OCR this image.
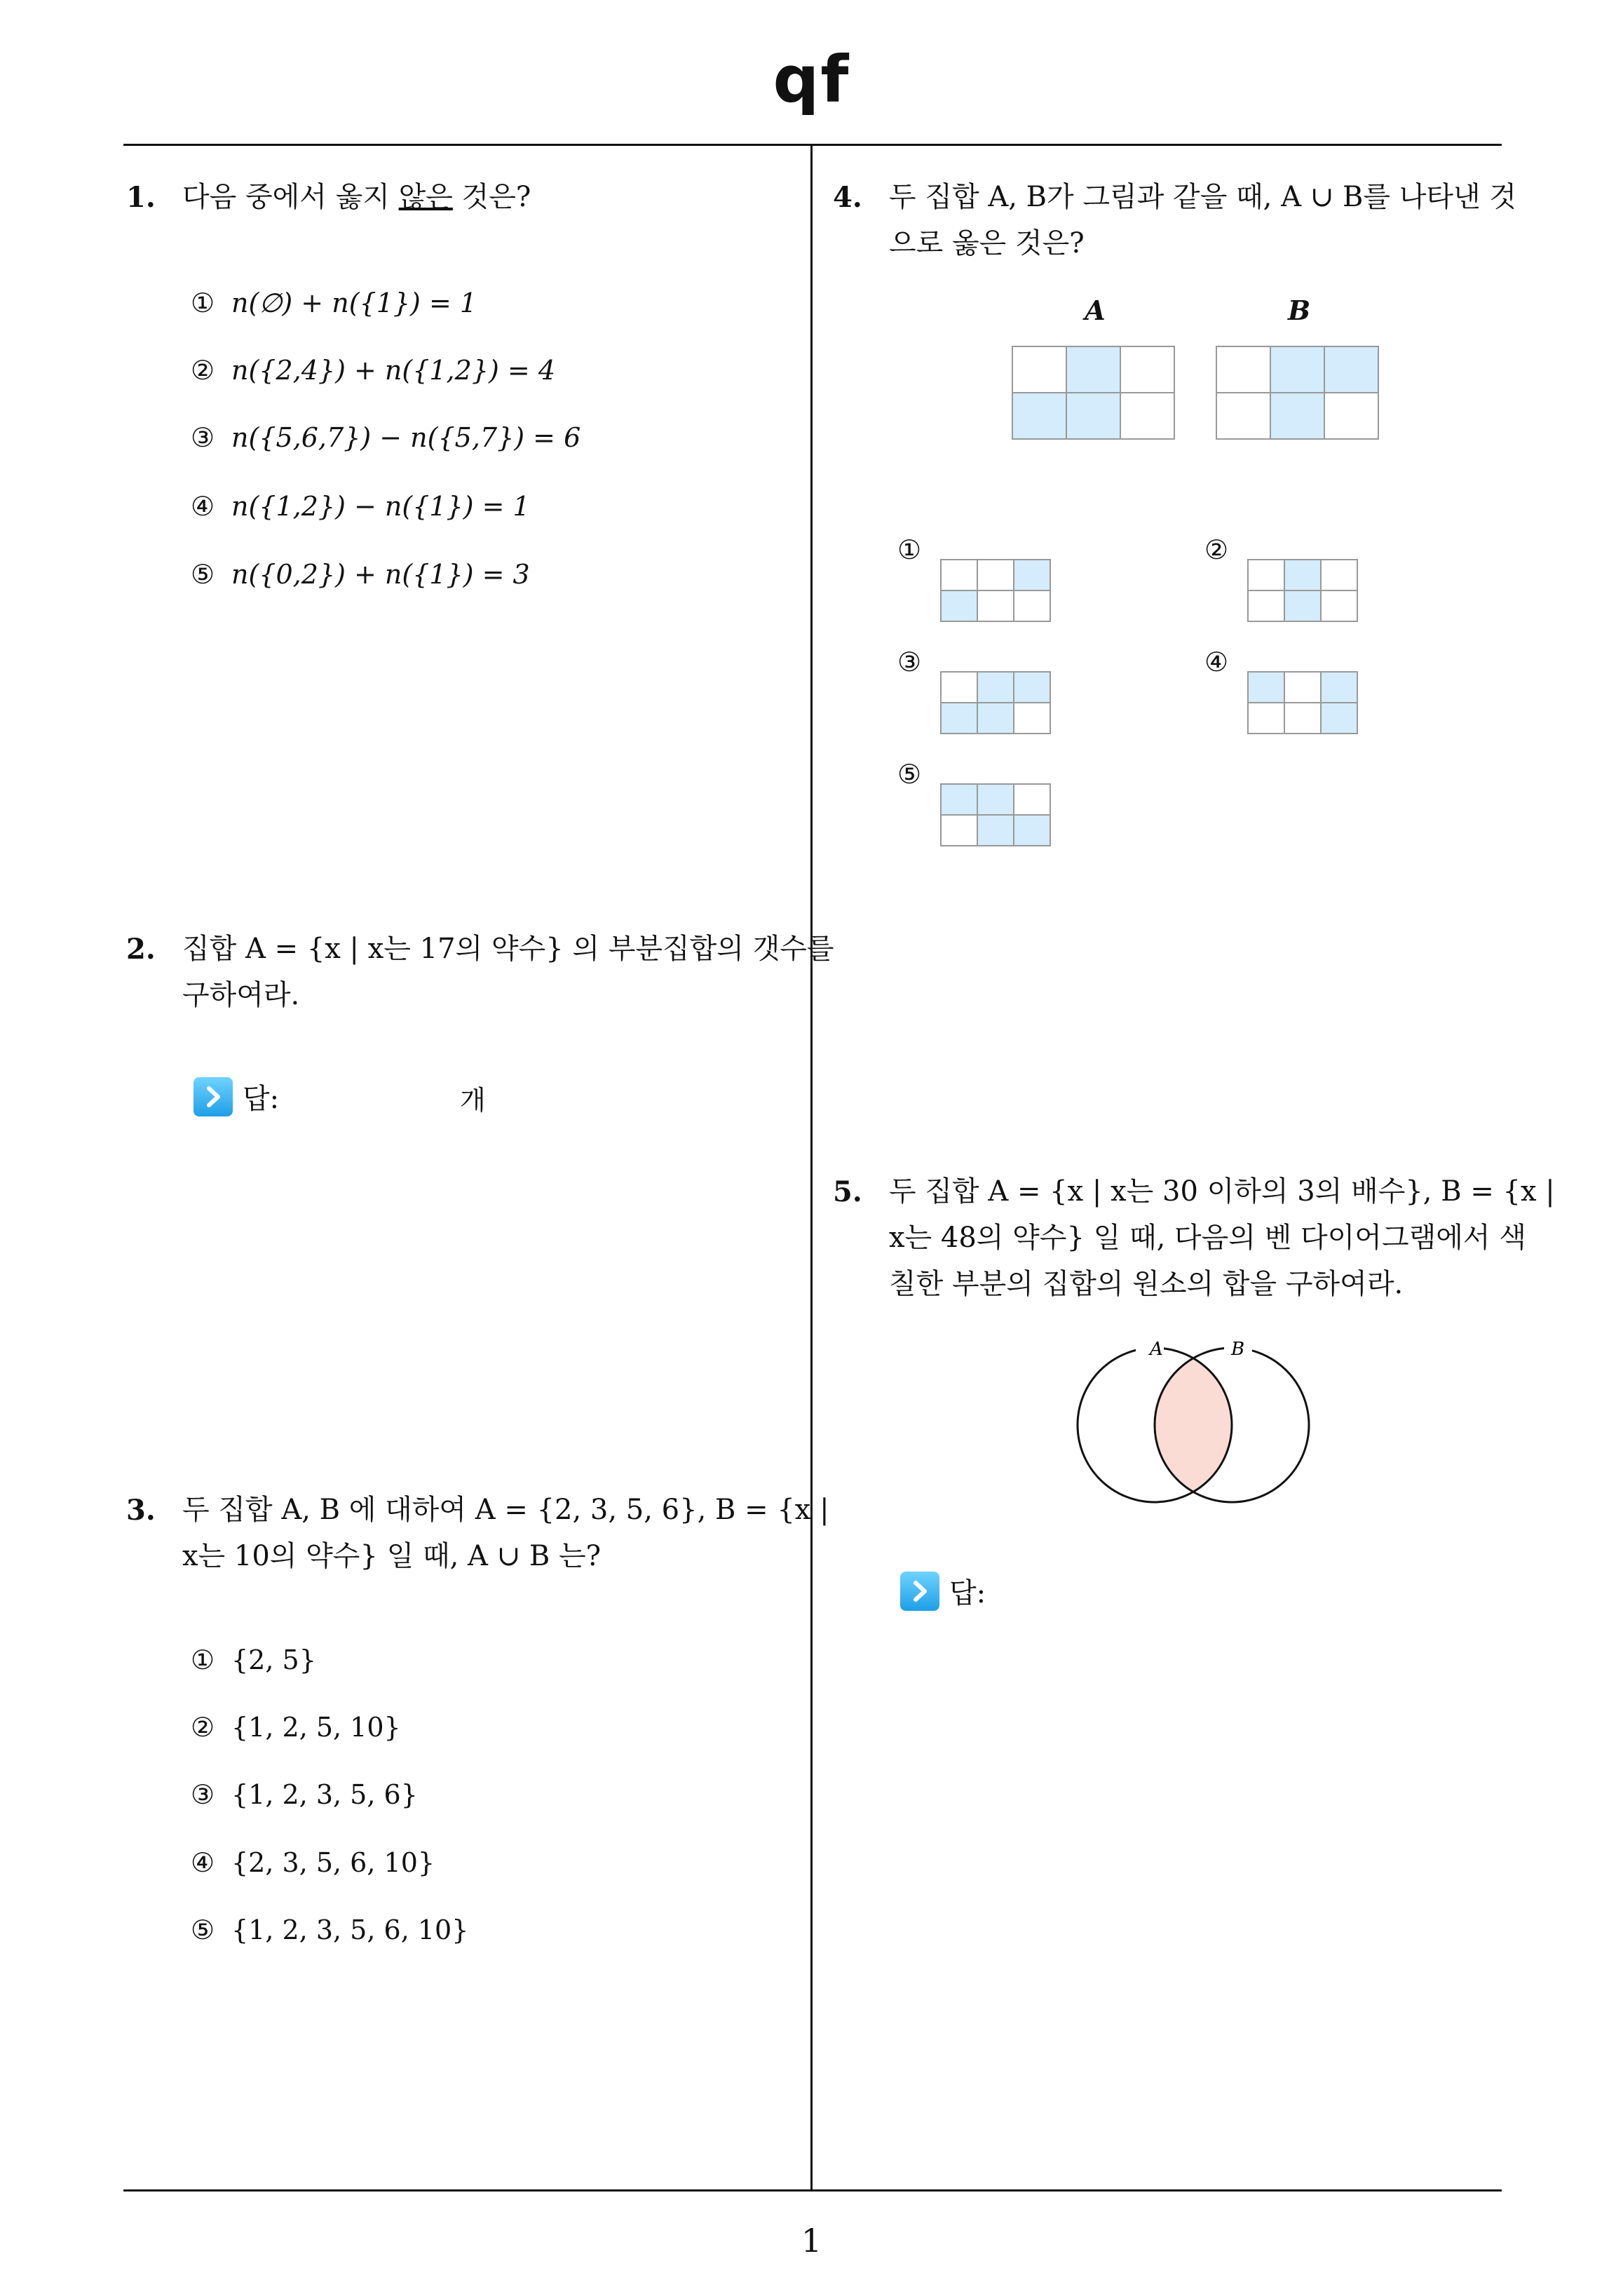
qf
1
1. 다음 중에서 옳지 않은 것은?
① n(∅) + n({1}) = 1
② n({2,4}) + n({1,2}) = 4
③ n({5,6,7}) − n({5,7}) = 6
④ n({1,2}) − n({1}) = 1
⑤ n({0,2}) + n({1}) = 3
2. 집합 A = {x | x는 17의 약수} 의 부분집합의 갯수를
구하여라.
답:	개
3. 두 집합 A, B 에 대하여 A = {2, 3, 5, 6}, B = {x |
x는 10의 약수} 일 때, A ∪ B 는?
① {2, 5}
② {1, 2, 5, 10}
③ {1, 2, 3, 5, 6}
④ {2, 3, 5, 6, 10}
⑤ {1, 2, 3, 5, 6, 10}
4. 두 집합 A, B가 그림과 같을 때, A ∪ B를 나타낸 것
으로 옳은 것은?
A	B
①	②
③	④
⑤
5. 두 집합 A = {x | x는 30 이하의 3의 배수}, B = {x |
x는 48의 약수} 일 때, 다음의 벤 다이어그램에서 색
칠한 부분의 집합의 원소의 합을 구하여라.
A	B
답:
